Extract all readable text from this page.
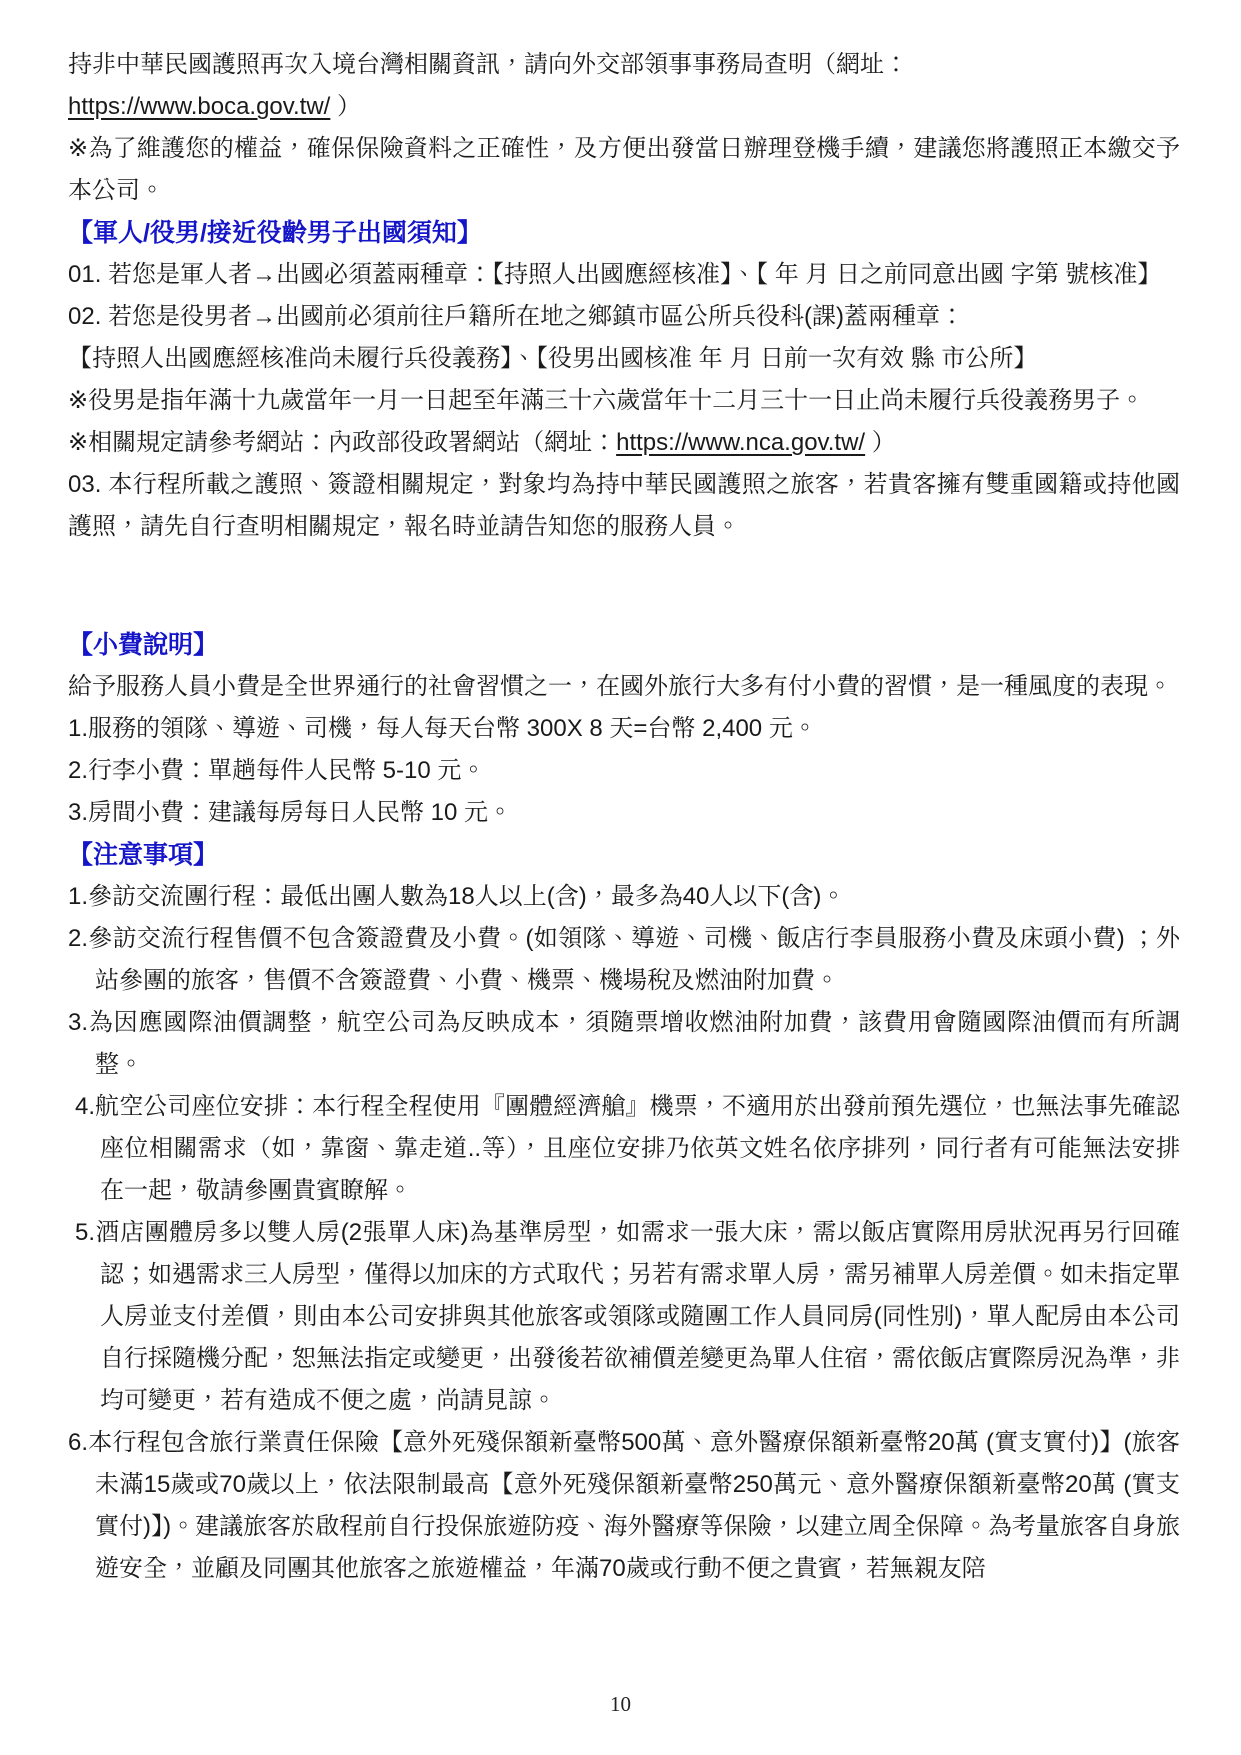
持非中華民國護照再次入境台灣相關資訊，請向外交部領事事務局查明（網址：
https://www.boca.gov.tw/ ）
※為了維護您的權益，確保保險資料之正確性，及方便出發當日辦理登機手續，建議您將護照正本繳交予本公司。
【軍人/役男/接近役齡男子出國須知】
01. 若您是軍人者→出國必須蓋兩種章：【持照人出國應經核准】、【 年 月 日之前同意出國 字第 號核准】
02. 若您是役男者→出國前必須前往戶籍所在地之鄉鎮市區公所兵役科(課)蓋兩種章：
【持照人出國應經核准尚未履行兵役義務】、【役男出國核准 年 月 日前一次有效 縣 市公所】
※役男是指年滿十九歲當年一月一日起至年滿三十六歲當年十二月三十一日止尚未履行兵役義務男子。
※相關規定請參考網站：內政部役政署網站（網址：https://www.nca.gov.tw/ ）
03. 本行程所載之護照、簽證相關規定，對象均為持中華民國護照之旅客，若貴客擁有雙重國籍或持他國護照，請先自行查明相關規定，報名時並請告知您的服務人員。
【小費說明】
給予服務人員小費是全世界通行的社會習慣之一，在國外旅行大多有付小費的習慣，是一種風度的表現。
1.服務的領隊、導遊、司機，每人每天台幣 300X 8 天=台幣 2,400 元。
2.行李小費：單趟每件人民幣 5-10 元。
3.房間小費：建議每房每日人民幣 10 元。
【注意事項】
1.參訪交流團行程：最低出團人數為18人以上(含)，最多為40人以下(含)。
2.參訪交流行程售價不包含簽證費及小費。(如領隊、導遊、司機、飯店行李員服務小費及床頭小費) ；外站參團的旅客，售價不含簽證費、小費、機票、機場稅及燃油附加費。
3.為因應國際油價調整，航空公司為反映成本，須隨票增收燃油附加費，該費用會隨國際油價而有所調整。
4.航空公司座位安排：本行程全程使用『團體經濟艙』機票，不適用於出發前預先選位，也無法事先確認座位相關需求（如，靠窗、靠走道..等），且座位安排乃依英文姓名依序排列，同行者有可能無法安排在一起，敬請參團貴賓瞭解。
5.酒店團體房多以雙人房(2張單人床)為基準房型，如需求一張大床，需以飯店實際用房狀況再另行回確認；如遇需求三人房型，僅得以加床的方式取代；另若有需求單人房，需另補單人房差價。如未指定單人房並支付差價，則由本公司安排與其他旅客或領隊或隨團工作人員同房(同性別)，單人配房由本公司自行採隨機分配，恕無法指定或變更，出發後若欲補價差變更為單人住宿，需依飯店實際房況為準，非均可變更，若有造成不便之處，尚請見諒。
6.本行程包含旅行業責任保險【意外死殘保額新臺幣500萬、意外醫療保額新臺幣20萬 (實支實付)】(旅客未滿15歲或70歲以上，依法限制最高【意外死殘保額新臺幣250萬元、意外醫療保額新臺幣20萬 (實支實付)】)。建議旅客於啟程前自行投保旅遊防疫、海外醫療等保險，以建立周全保障。為考量旅客自身旅遊安全，並顧及同團其他旅客之旅遊權益，年滿70歲或行動不便之貴賓，若無親友陪
10
